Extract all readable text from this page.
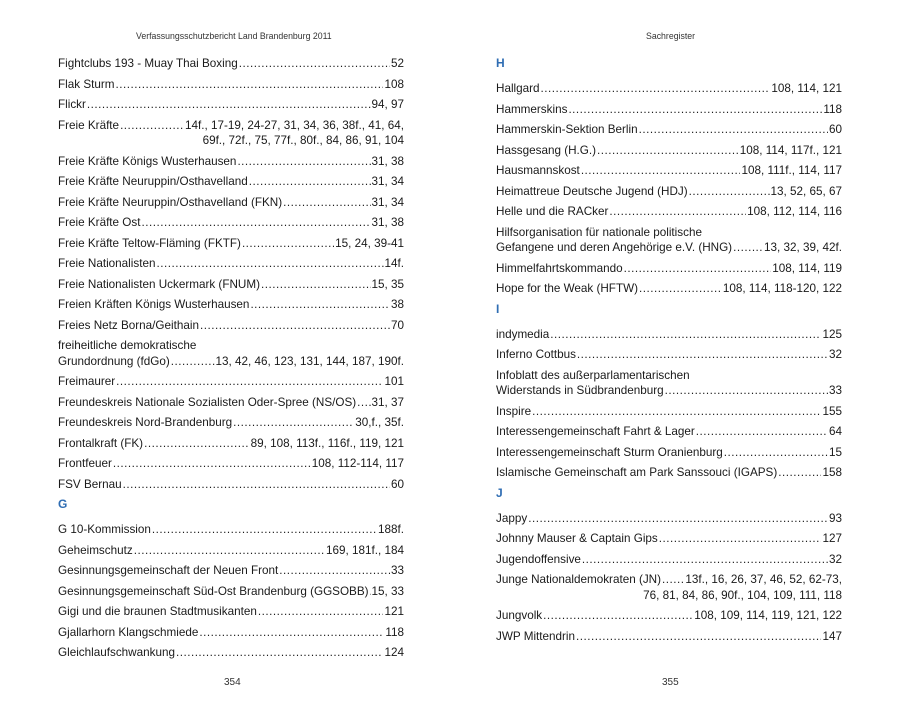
Verfassungsschutzbericht Land Brandenburg 2011
Fightclubs 193 - Muay Thai Boxing .....	52
Flak Sturm .....	108
Flickr .....	94, 97
Freie Kräfte .....	14f., 17-19, 24-27, 31, 34, 36, 38f., 41, 64,
69f., 72f., 75, 77f., 80f., 84, 86, 91, 104
Freie Kräfte Königs Wusterhausen .....	31, 38
Freie Kräfte Neuruppin/Osthavelland .....	31, 34
Freie Kräfte Neuruppin/Osthavelland (FKN) .....	31, 34
Freie Kräfte Ost .....	31, 38
Freie Kräfte Teltow-Fläming (FKTF) .....	15, 24, 39-41
Freie Nationalisten .....	14f.
Freie Nationalisten Uckermark (FNUM) .....	15, 35
Freien Kräften Königs Wusterhausen .....	38
Freies Netz Borna/Geithain .....	70
freiheitliche demokratische
Grundordnung (fdGo) .....	13, 42, 46, 123, 131, 144, 187, 190f.
Freimaurer .....	101
Freundeskreis Nationale Sozialisten Oder-Spree (NS/OS) ..... 31, 37
Freundeskreis Nord-Brandenburg .....	30,f., 35f.
Frontalkraft (FK) .....	89, 108, 113f., 116f., 119, 121
Frontfeuer .....	108, 112-114, 117
FSV Bernau .....	60
G
G 10-Kommission .....	188f.
Geheimschutz .....	169, 181f., 184
Gesinnungsgemeinschaft der Neuen Front .....	33
Gesinnungsgemeinschaft Süd-Ost Brandenburg (GGSOBB) ..... 15, 33
Gigi und die braunen Stadtmusikanten .....	121
Gjallarhorn Klangschmiede .....	118
Gleichlaufschwankung .....	124
354
Sachregister
H
Hallgard .....	108, 114, 121
Hammerskins .....	118
Hammerskin-Sektion Berlin .....	60
Hassgesang (H.G.) .....	108, 114, 117f., 121
Hausmannskost .....	108, 111f., 114, 117
Heimattreue Deutsche Jugend (HDJ) .....	13, 52, 65, 67
Helle und die RACker .....	108, 112, 114, 116
Hilfsorganisation für nationale politische
Gefangene und deren Angehörige e.V. (HNG) .....	13, 32, 39, 42f.
Himmelfahrtskommando .....	108, 114, 119
Hope for the Weak (HFTW) .....	108, 114, 118-120, 122
I
indymedia .....	125
Inferno Cottbus .....	32
Infoblatt des außerparlamentarischen
Widerstands in Südbrandenburg .....	33
Inspire .....	155
Interessengemeinschaft Fahrt & Lager .....	64
Interessengemeinschaft Sturm Oranienburg .....	15
Islamische Gemeinschaft am Park Sanssouci (IGAPS) .....	158
J
Jappy .....	93
Johnny Mauser & Captain Gips .....	127
Jugendoffensive .....	32
Junge Nationaldemokraten (JN) ..... 13f., 16, 26, 37, 46, 52, 62-73,
76, 81, 84, 86, 90f., 104, 109, 111, 118
Jungvolk .....	108, 109, 114, 119, 121, 122
JWP Mittendrin .....	147
355
